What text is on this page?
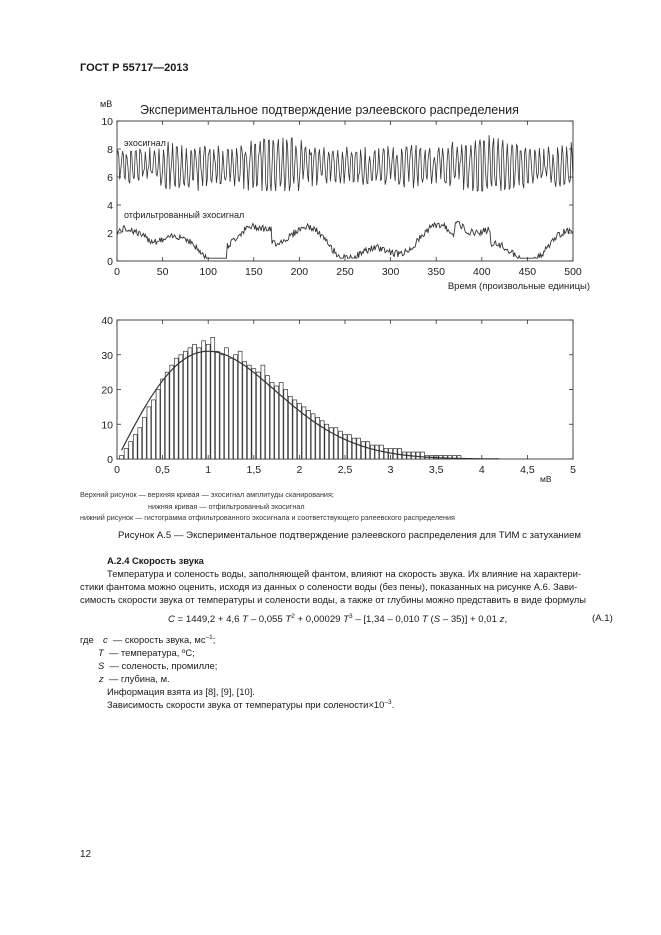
ГОСТ Р 55717—2013
мВ Экспериментальное подтверждение рэлеевского распределения
0	50	100	150	200	250	300	350	400	450	500
0
2
4
6
8
10
эхосигнал
отфильтрованный эхосигнал
Время (произвольные единицы)
0	0,5	1	1,5	2	2,5	3	3,5	4	4,5	5
0
10
20
30
40
мВ
Верхний рисунок — верхняя кривая — эхосигнал амплитуды сканирования;
нижняя кривая — отфильтрованный эхосигнал
нижний рисунок — гистограмма отфильтрованного эхосигнала и соответствующего рэлеевского распределения
Рисунок А.5 — Экспериментальное подтверждение рэлеевского распределения для ТИМ с затуханием
А.2.4 Скорость звука
Температура и соленость воды, заполняющей фантом, влияют на скорость звука. Их влияние на характери-
стики фантома можно оценить, исходя из данных о солености воды (без пены), показанных на рисунке А.6. Зави-
симость скорости звука от температуры и солености воды, а также от глубины можно представить в виде формулы
C = 1449,2 + 4,6 T – 0,055 $T^2 + 0,00029$ $T^3 - [1,34 - 0,010$ T (S – 35)] + 0,01 z,	(А.1)
где c — скорость звука, $мс^{-1}$;
T — температура, ºС;
S — соленость, промилле;
z — глубина, м.
Информация взята из [8], [9], [10].
Зависимость скорости звука от температуры при $солености\times 10^{-3}$.
12
